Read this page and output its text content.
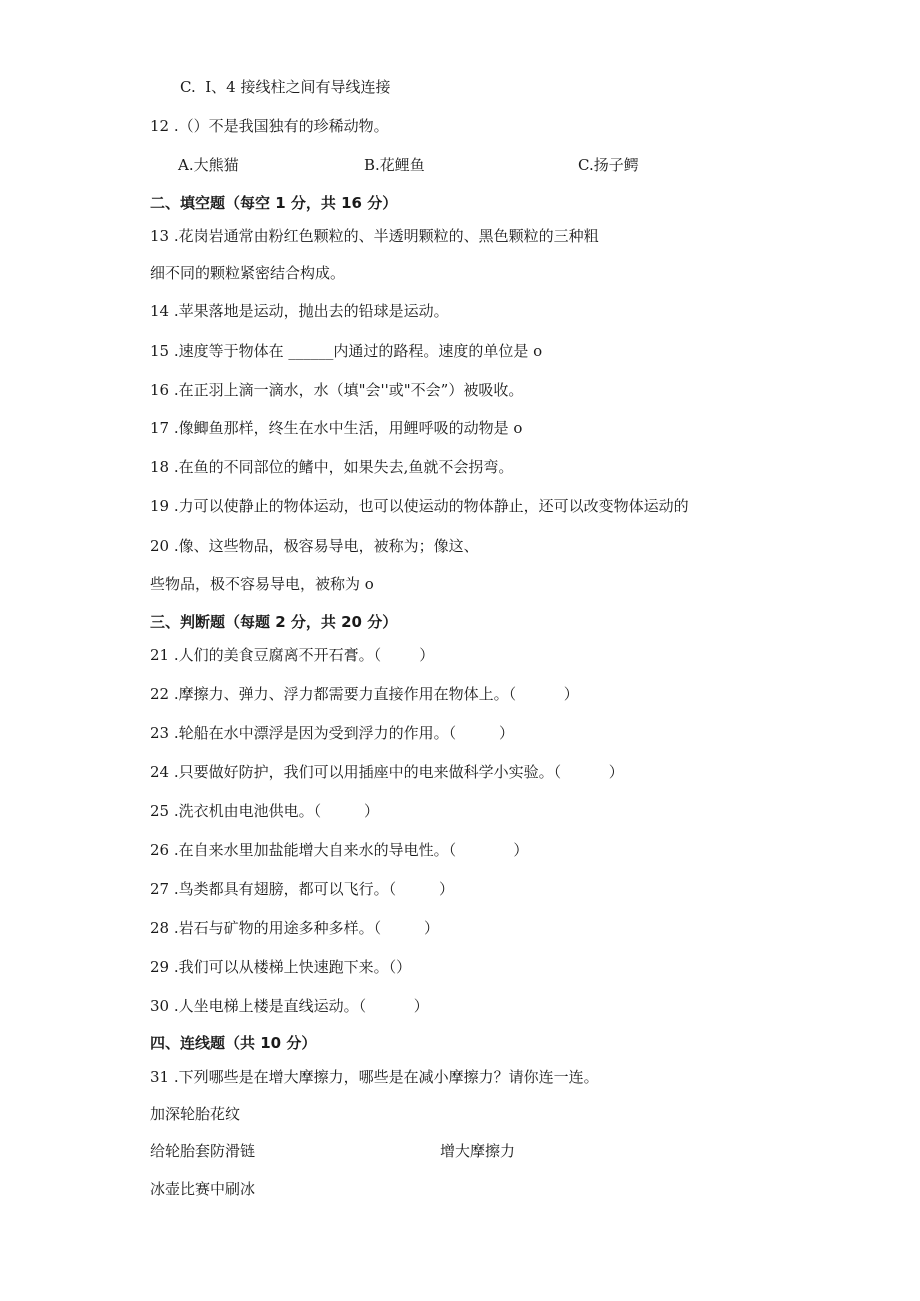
C.  I、4 接线柱之间有导线连接
12 .（）不是我国独有的珍稀动物。
A.大熊猫	B.花鲤鱼	C.扬子鳄
二、填空题（每空 1 分，共 16 分）
13 .花岗岩通常由粉红色颗粒的、半透明颗粒的、黑色颗粒的三种粗
细不同的颗粒紧密结合构成。
14 .苹果落地是运动，抛出去的铅球是运动。
15 .速度等于物体在 ______内通过的路程。速度的单位是 o
16 .在正羽上滴一滴水，水（填"会''或"不会”）被吸收。
17 .像鲫鱼那样，终生在水中生活，用鲤呼吸的动物是 o
18 .在鱼的不同部位的鳍中，如果失去,鱼就不会拐弯。
19 .力可以使静止的物体运动，也可以使运动的物体静止，还可以改变物体运动的
20 .像、这些物品，极容易导电，被称为；像这、
些物品，极不容易导电，被称为 o
三、判断题（每题 2 分，共 20 分）
21 .人们的美食豆腐离不开石膏。（        ）
22 .摩擦力、弹力、浮力都需要力直接作用在物体上。（          ）
23 .轮船在水中漂浮是因为受到浮力的作用。（         ）
24 .只要做好防护，我们可以用插座中的电来做科学小实验。（          ）
25 .洗衣机由电池供电。（         ）
26 .在自来水里加盐能增大自来水的导电性。（            ）
27 .鸟类都具有翅膀，都可以飞行。（         ）
28 .岩石与矿物的用途多种多样。（         ）
29 .我们可以从楼梯上快速跑下来。（）
30 .人坐电梯上楼是直线运动。（          ）
四、连线题（共 10 分）
31 .下列哪些是在增大摩擦力，哪些是在减小摩擦力？请你连一连。
加深轮胎花纹
给轮胎套防滑链	增大摩擦力
冰壶比赛中刷冰
